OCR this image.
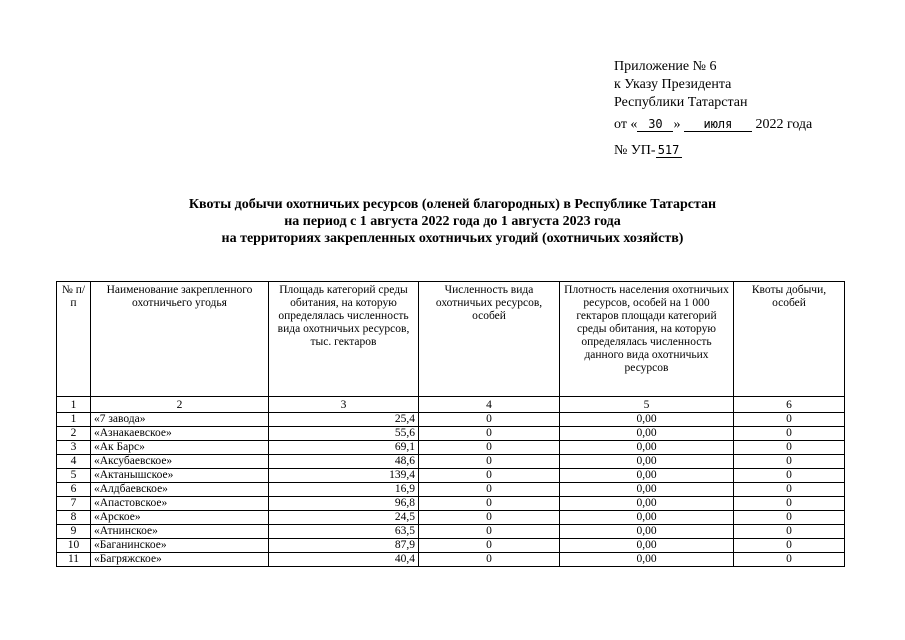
Приложение № 6
к Указу Президента
Республики Татарстан
от « 30 » июля 2022 года
№ УП- 517
Квоты добычи охотничьих ресурсов (оленей благородных) в Республике Татарстан
на период с 1 августа 2022 года до 1 августа 2023 года
на территориях закрепленных охотничьих угодий (охотничьих хозяйств)
№ п/п	Наименование закрепленного охотничьего угодья	Площадь категорий среды обитания, на которую определялась численность вида охотничьих ресурсов, тыс. гектаров	Численность вида охотничьих ресурсов, особей	Плотность населения охотничьих ресурсов, особей на 1 000 гектаров площади категорий среды обитания, на которую определялась численность данного вида охотничьих ресурсов	Квоты добычи, особей
1	2	3	4	5	6
1	«7 завода»	25,4	0	0,00	0
2	«Азнакаевское»	55,6	0	0,00	0
3	«Ак Барс»	69,1	0	0,00	0
4	«Аксубаевское»	48,6	0	0,00	0
5	«Актанышское»	139,4	0	0,00	0
6	«Алдбаевское»	16,9	0	0,00	0
7	«Апастовское»	96,8	0	0,00	0
8	«Арское»	24,5	0	0,00	0
9	«Атнинское»	63,5	0	0,00	0
10	«Баганинское»	87,9	0	0,00	0
11	«Багряжское»	40,4	0	0,00	0
